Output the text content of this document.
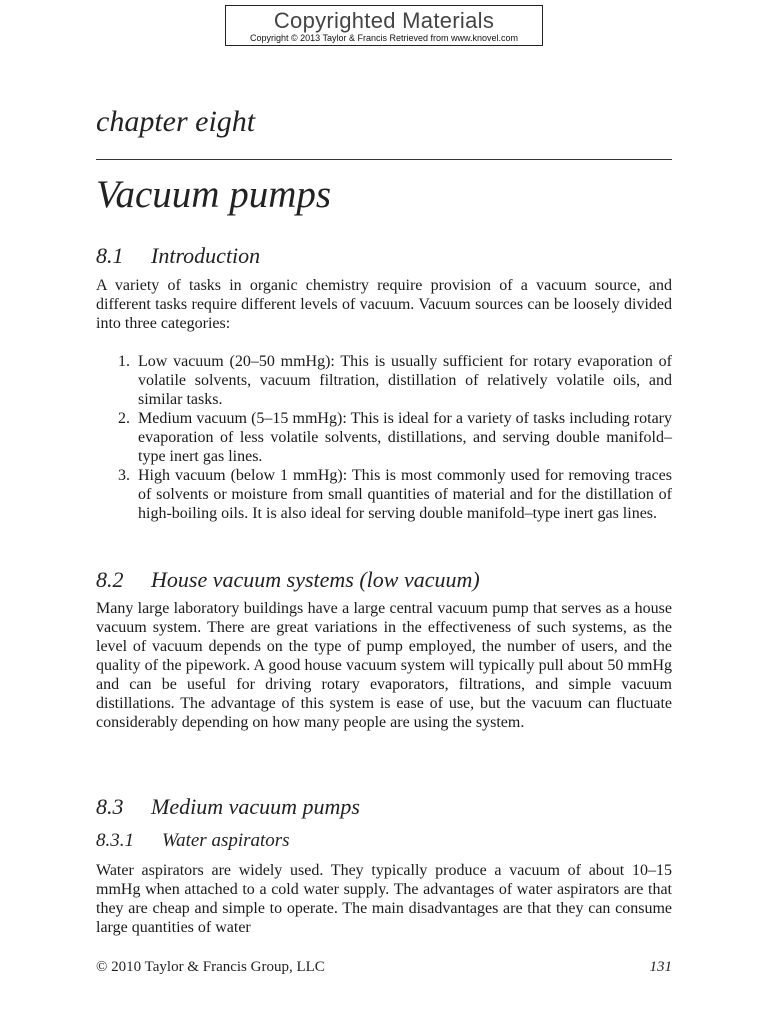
Copyrighted Materials
Copyright © 2013 Taylor & Francis Retrieved from www.knovel.com
chapter eight
Vacuum pumps
8.1 Introduction
A variety of tasks in organic chemistry require provision of a vacuum source, and different tasks require different levels of vacuum. Vacuum sources can be loosely divided into three categories:
1. Low vacuum (20–50 mmHg): This is usually sufficient for rotary evaporation of volatile solvents, vacuum filtration, distillation of relatively volatile oils, and similar tasks.
2. Medium vacuum (5–15 mmHg): This is ideal for a variety of tasks including rotary evaporation of less volatile solvents, distillations, and serving double manifold–type inert gas lines.
3. High vacuum (below 1 mmHg): This is most commonly used for removing traces of solvents or moisture from small quantities of material and for the distillation of high-boiling oils. It is also ideal for serving double manifold–type inert gas lines.
8.2 House vacuum systems (low vacuum)
Many large laboratory buildings have a large central vacuum pump that serves as a house vacuum system. There are great variations in the effectiveness of such systems, as the level of vacuum depends on the type of pump employed, the number of users, and the quality of the pipework. A good house vacuum system will typically pull about 50 mmHg and can be useful for driving rotary evaporators, filtrations, and simple vacuum distillations. The advantage of this system is ease of use, but the vacuum can fluctuate considerably depending on how many people are using the system.
8.3 Medium vacuum pumps
8.3.1 Water aspirators
Water aspirators are widely used. They typically produce a vacuum of about 10–15 mmHg when attached to a cold water supply. The advantages of water aspirators are that they are cheap and simple to operate. The main disadvantages are that they can consume large quantities of water
© 2010 Taylor & Francis Group, LLC	131
